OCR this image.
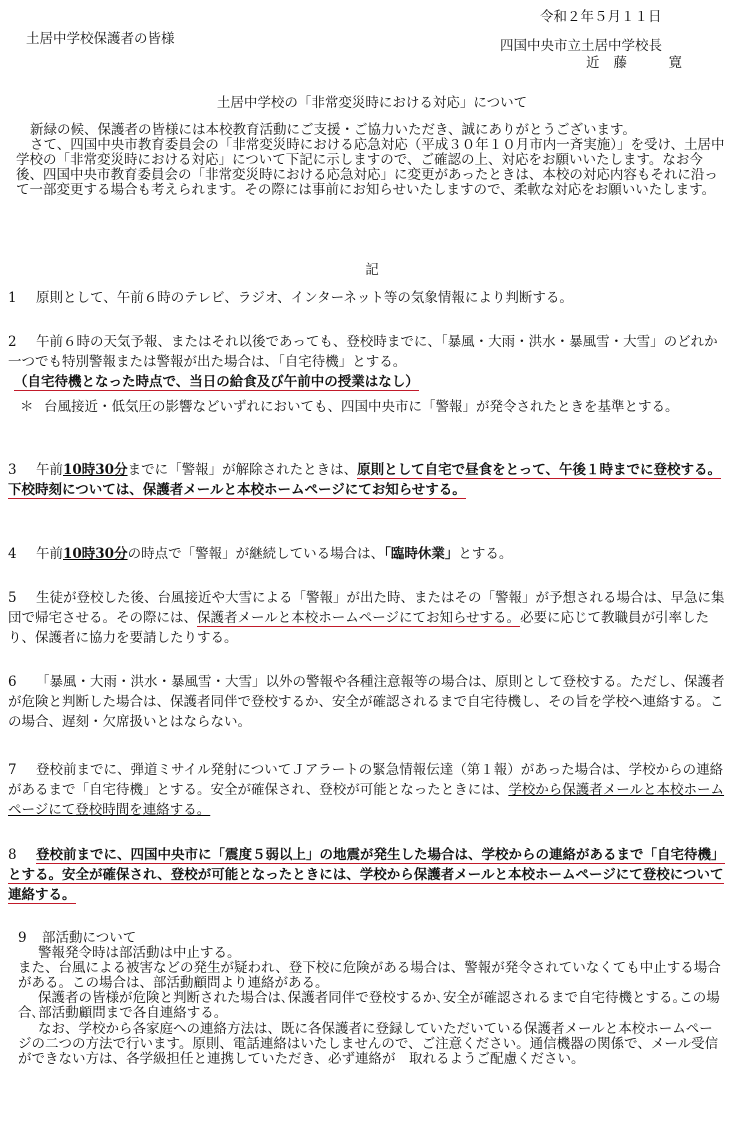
令和２年５月１１日
土居中学校保護者の皆様	四国中央市立土居中学校長
近藤　寛
土居中学校の「非常変災時における対応」について

新緑の候、保護者の皆様には本校教育活動にご支援・ご協力いただき、誠にありがとうございます。

さて、四国中央市教育委員会の「非常変災時における応急対応（平成３０年１０月市内一斉実施）」を受け、土居中学校の「非常変災時における対応」について下記に示しますので、ご確認の上、対応をお願いいたします。なお今後、四国中央市教育委員会の「非常変災時における応急対応」に変更があったときは、本校の対応内容もそれに沿って一部変更する場合も考えられます。その際には事前にお知らせいたしますので、柔軟な対応をお願いいたします。

記
1 原則として、午前６時のテレビ、ラジオ、インターネット等の気象情報により判断する。
2 午前６時の天気予報、またはそれ以後であっても、登校時までに、「暴風・大雨・洪水・暴風雪・大雪」のどれか一つでも特別警報または警報が出た場合は、「自宅待機」とする。
（自宅待機となった時点で、当日の給食及び午前中の授業はなし）
＊ 台風接近・低気圧の影響などいずれにおいても、四国中央市に「警報」が発令されたときを基準とする。
3 午前10時30分までに「警報」が解除されたときは、原則として自宅で昼食をとって、午後１時までに登校する。下校時刻については、保護者メールと本校ホームページにてお知らせする。
4 午前10時30分の時点で「警報」が継続している場合は、「臨時休業」とする。
5 生徒が登校した後、台風接近や大雪による「警報」が出た時、またはその「警報」が予想される場合は、早急に集団で帰宅させる。その際には、保護者メールと本校ホームページにてお知らせする。必要に応じて教職員が引率したり、保護者に協力を要請したりする。
6 「暴風・大雨・洪水・暴風雪・大雪」以外の警報や各種注意報等の場合は、原則として登校する。ただし、保護者が危険と判断した場合は、保護者同伴で登校するか、安全が確認されるまで自宅待機し、その旨を学校へ連絡する。この場合、遅刻・欠席扱いとはならない。
7 登校前までに、弾道ミサイル発射についてＪアラートの緊急情報伝達（第１報）があった場合は、学校からの連絡があるまで「自宅待機」とする。安全が確保され、登校が可能となったときには、学校から保護者メールと本校ホームページにて登校時間を連絡する。
8 登校前までに、四国中央市に「震度５弱以上」の地震が発生した場合は、学校からの連絡があるまで「自宅待機」とする。安全が確保され、登校が可能となったときには、学校から保護者メールと本校ホームページにて登校について連絡する。

9 部活動について

警報発令時は部活動は中止する。

また、台風による被害などの発生が疑われ、登下校に危険がある場合は、警報が発令されていなくても中止する場合がある。この場合は、部活動顧問より連絡がある。

保護者の皆様が危険と判断された場合は､保護者同伴で登校するか､安全が確認されるまで自宅待機とする｡この場合､部活動顧問まで各自連絡する。

なお、学校から各家庭への連絡方法は、既に各保護者に登録していただいている保護者メールと本校ホームページの二つの方法で行います。原則、電話連絡はいたしませんので、ご注意ください。通信機器の関係で、メール受信ができない方は、各学級担任と連携していただき、必ず連絡が　取れるようご配慮ください。
